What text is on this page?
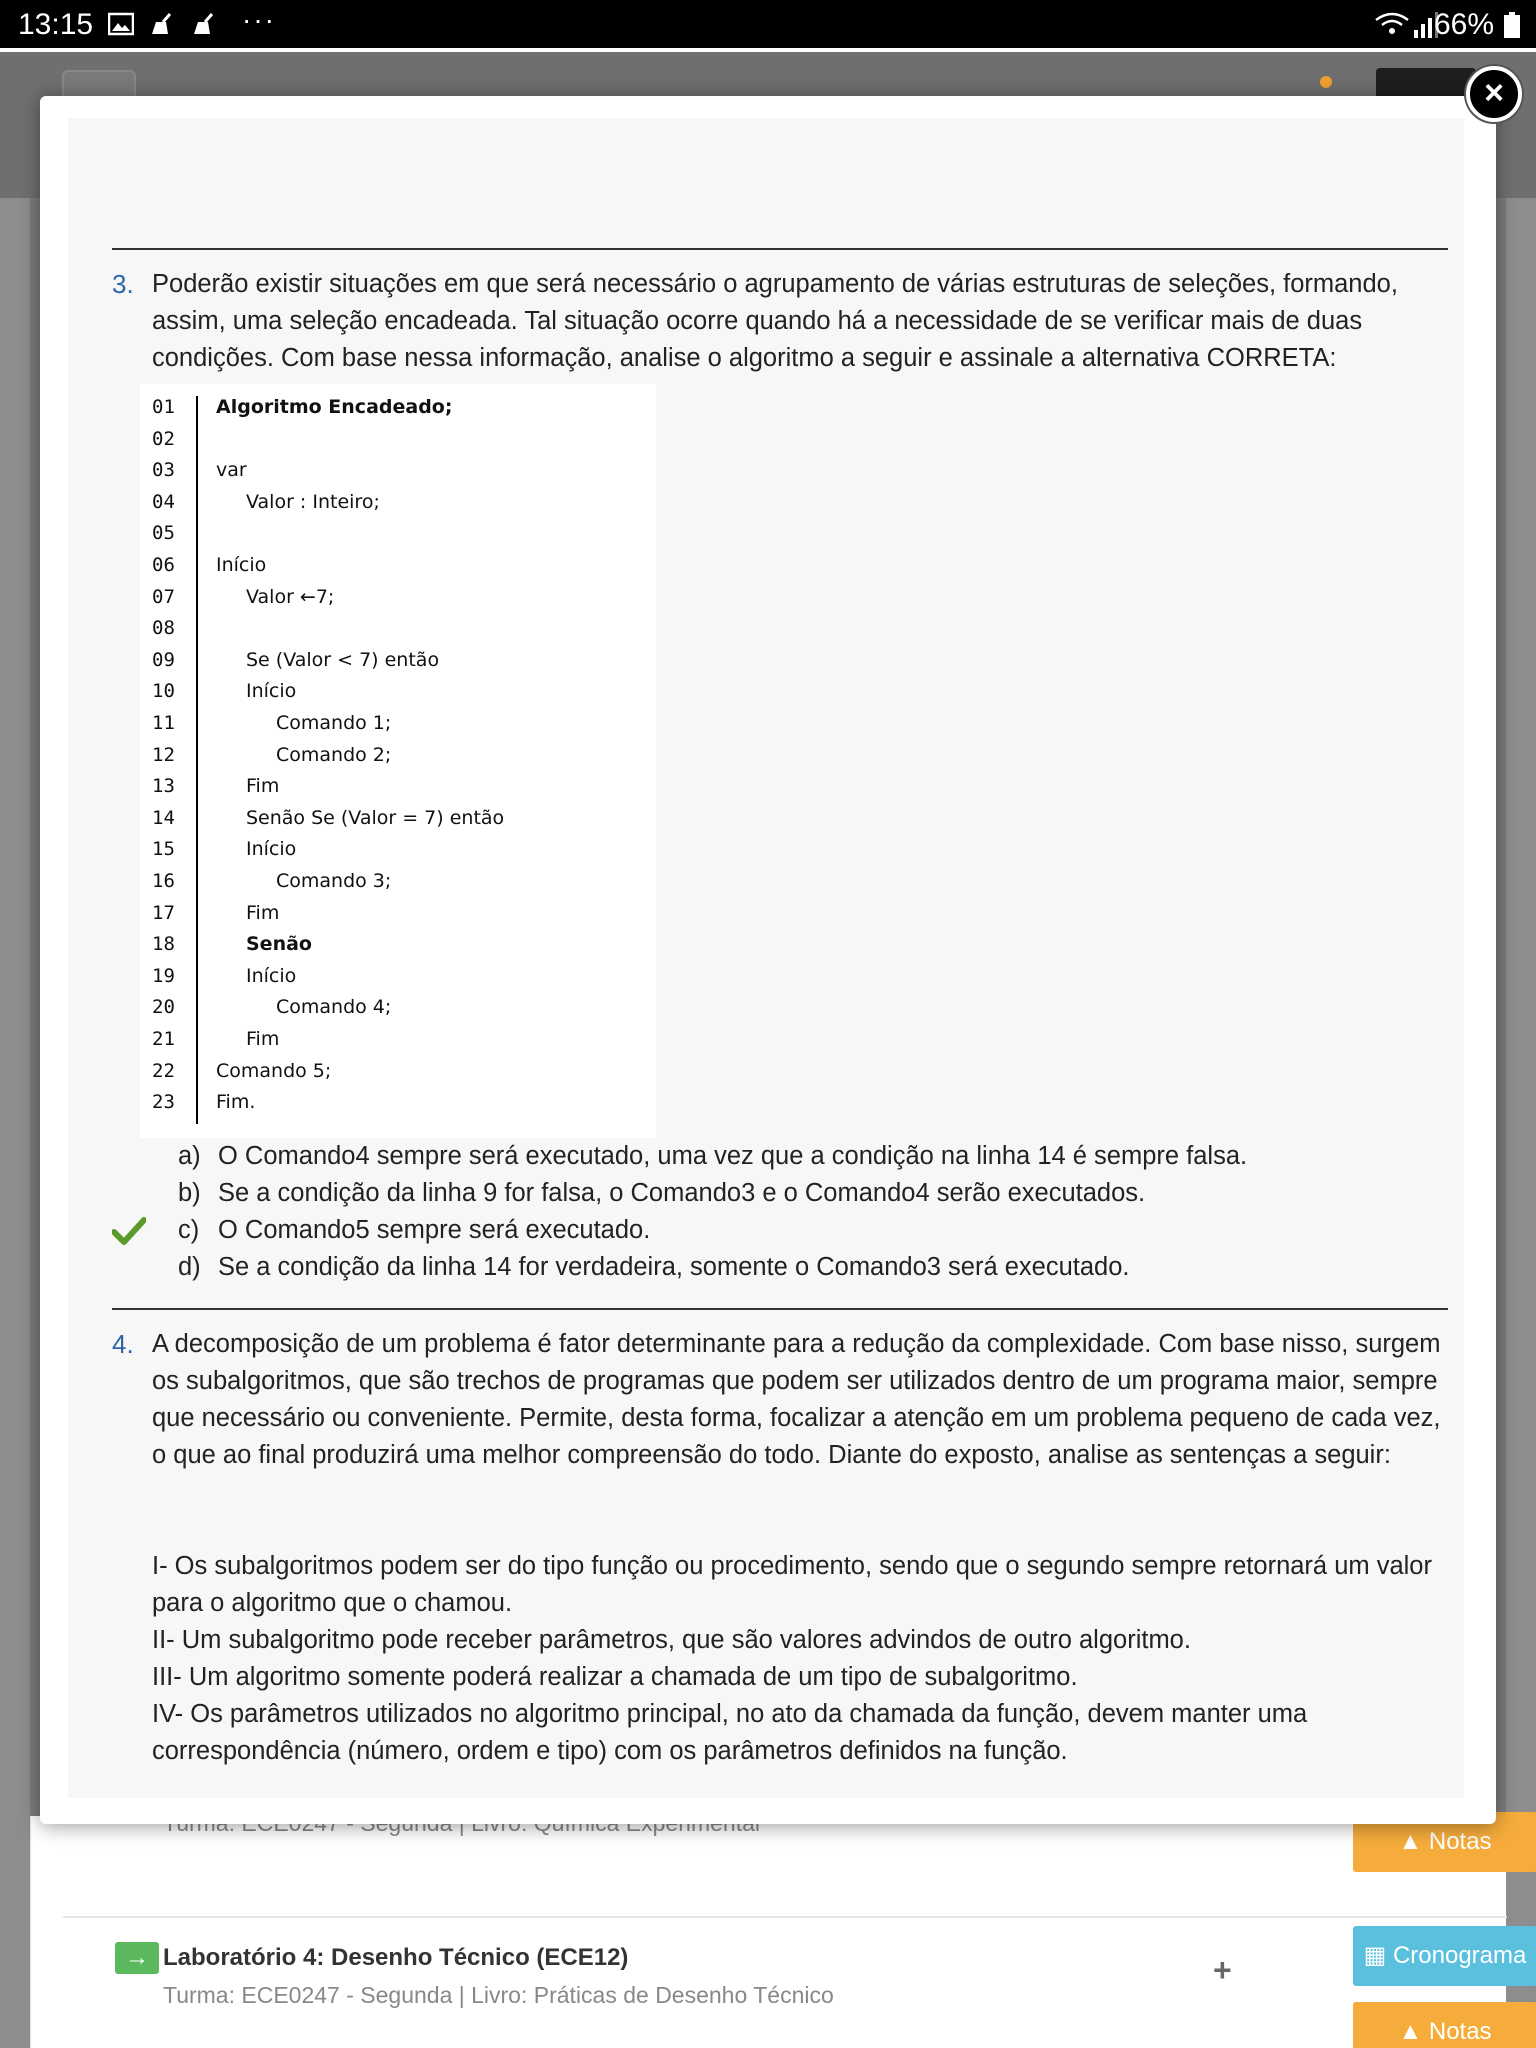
13:15	···	66%
▲ Notas
→ Laboratório 4: Desenho Técnico (ECE12)
Turma: ECE0247 - Segunda | Livro: Práticas de Desenho Técnico
+	▦ Cronograma
▲ Notas
3. Poderão existir situações em que será necessário o agrupamento de várias estruturas de seleções, formando, assim, uma seleção encadeada. Tal situação ocorre quando há a necessidade de se verificar mais de duas condições. Com base nessa informação, analise o algoritmo a seguir e assinale a alternativa CORRETA:

01	Algoritmo Encadeado;
02
03	var
04	Valor : Inteiro;
05
06	Início
07	Valor ←7;
08
09	Se (Valor < 7) então
10	Início
11	Comando 1;
12	Comando 2;
13	Fim
14	Senão Se (Valor = 7) então
15	Início
16	Comando 3;
17	Fim
18	Senão
19	Início
20	Comando 4;
21	Fim
22	Comando 5;
23	Fim.
a) O Comando4 sempre será executado, uma vez que a condição na linha 14 é sempre falsa.
b) Se a condição da linha 9 for falsa, o Comando3 e o Comando4 serão executados.
c) O Comando5 sempre será executado.
d) Se a condição da linha 14 for verdadeira, somente o Comando3 será executado.
4. A decomposição de um problema é fator determinante para a redução da complexidade. Com base nisso, surgem os subalgoritmos, que são trechos de programas que podem ser utilizados dentro de um programa maior, sempre que necessário ou conveniente. Permite, desta forma, focalizar a atenção em um problema pequeno de cada vez, o que ao final produzirá uma melhor compreensão do todo. Diante do exposto, analise as sentenças a seguir:

I- Os subalgoritmos podem ser do tipo função ou procedimento, sendo que o segundo sempre retornará um valor para o algoritmo que o chamou.

II- Um subalgoritmo pode receber parâmetros, que são valores advindos de outro algoritmo.

III- Um algoritmo somente poderá realizar a chamada de um tipo de subalgoritmo.

IV- Os parâmetros utilizados no algoritmo principal, no ato da chamada da função, devem manter uma correspondência (número, ordem e tipo) com os parâmetros definidos na função.

×
